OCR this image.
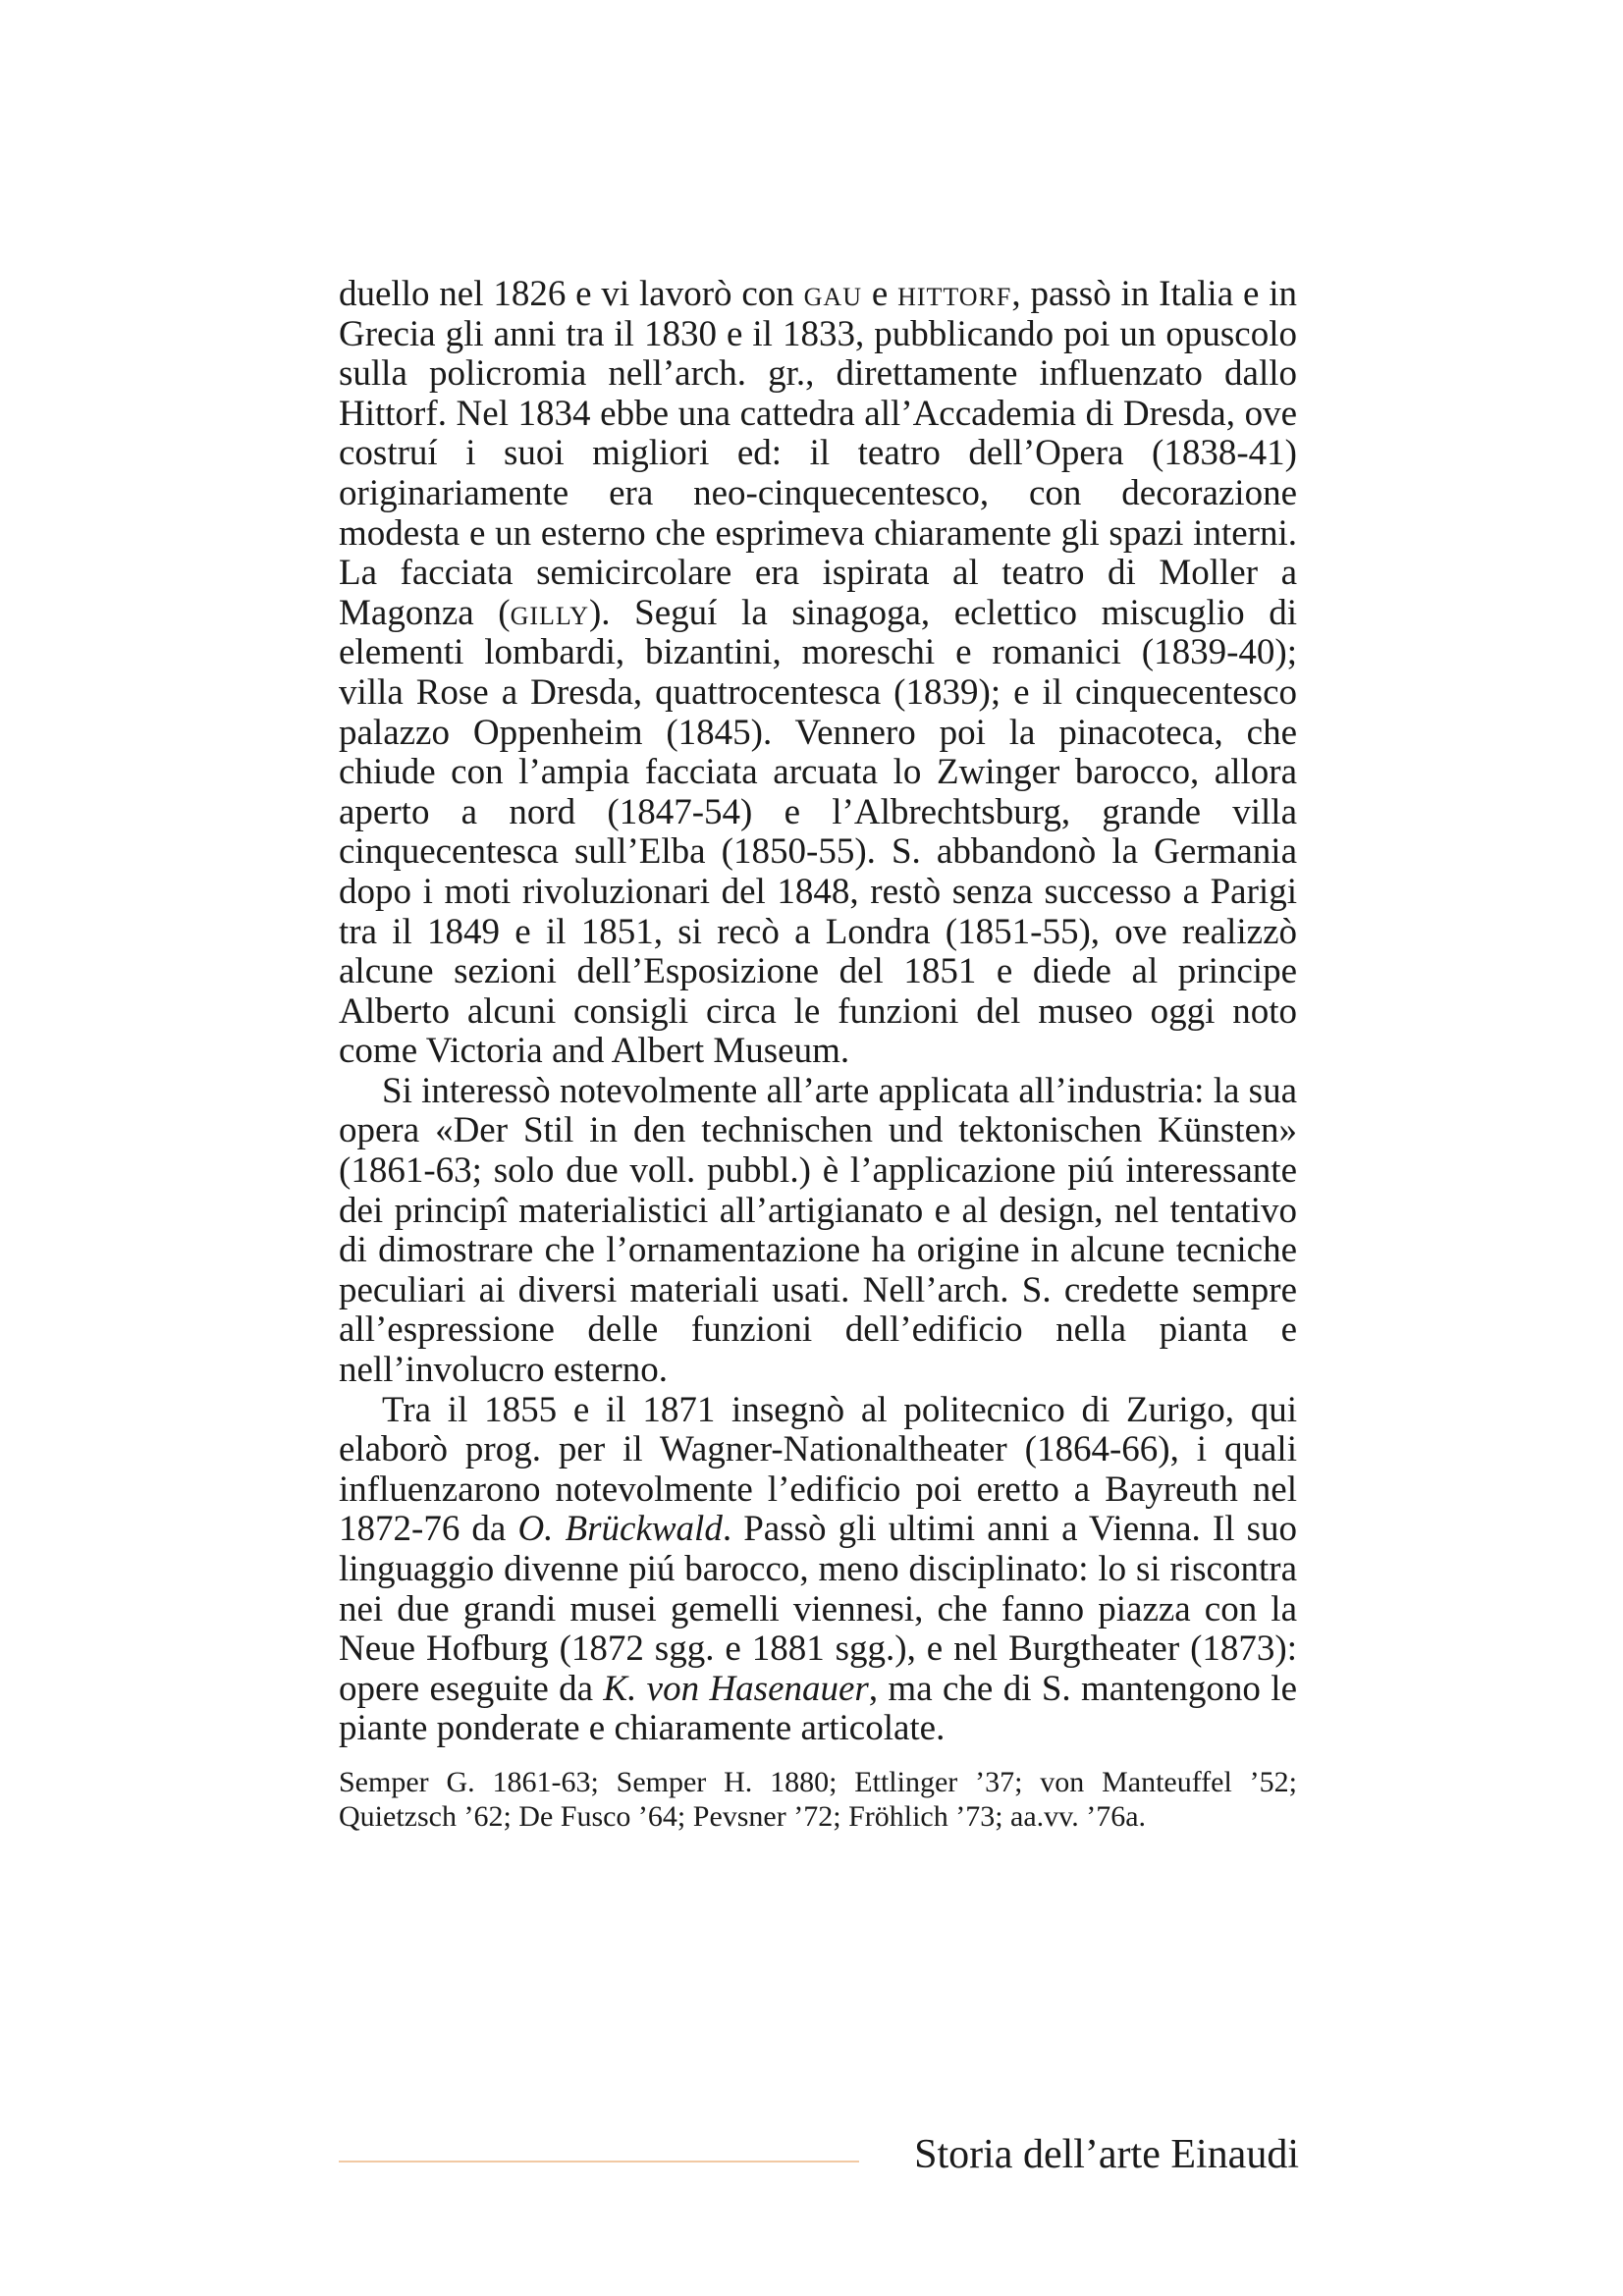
duello nel 1826 e vi lavorò con gau e hittorf, passò in Italia e in Grecia gli anni tra il 1830 e il 1833, pubblicando poi un opuscolo sulla policromia nell’arch. gr., direttamente influenzato dallo Hittorf. Nel 1834 ebbe una cattedra all’Accademia di Dresda, ove costruí i suoi migliori ed: il teatro dell’Opera (1838-41) originariamente era neo-cinquecentesco, con decorazione modesta e un esterno che esprimeva chiaramente gli spazi interni. La facciata semicircolare era ispirata al teatro di Moller a Magonza (gilly). Seguí la sinagoga, eclettico miscuglio di elementi lombardi, bizantini, moreschi e romanici (1839-40); villa Rose a Dresda, quattrocentesca (1839); e il cinquecentesco palazzo Oppenheim (1845). Vennero poi la pinacoteca, che chiude con l’ampia facciata arcuata lo Zwinger barocco, allora aperto a nord (1847-54) e l’Albrechtsburg, grande villa cinquecentesca sull’Elba (1850-55). S. abbandonò la Germania dopo i moti rivoluzionari del 1848, restò senza successo a Parigi tra il 1849 e il 1851, si recò a Londra (1851-55), ove realizzò alcune sezioni dell’Esposizione del 1851 e diede al principe Alberto alcuni consigli circa le funzioni del museo oggi noto come Victoria and Albert Museum.

Si interessò notevolmente all’arte applicata all’industria: la sua opera «Der Stil in den technischen und tektonischen Künsten» (1861-63; solo due voll. pubbl.) è l’applicazione piú interessante dei principî materialistici all’artigianato e al design, nel tentativo di dimostrare che l’ornamentazione ha origine in alcune tecniche peculiari ai diversi materiali usati. Nell’arch. S. credette sempre all’espressione delle funzioni dell’edificio nella pianta e nell’involucro esterno.

Tra il 1855 e il 1871 insegnò al politecnico di Zurigo, qui elaborò prog. per il Wagner-Nationaltheater (1864-66), i quali influenzarono notevolmente l’edificio poi eretto a Bayreuth nel 1872-76 da O. Brückwald. Passò gli ultimi anni a Vienna. Il suo linguaggio divenne piú barocco, meno disciplinato: lo si riscontra nei due grandi musei gemelli viennesi, che fanno piazza con la Neue Hofburg (1872 sgg. e 1881 sgg.), e nel Burgtheater (1873): opere eseguite da K. von Hasenauer, ma che di S. mantengono le piante ponderate e chiaramente articolate.

Semper G. 1861-63; Semper H. 1880; Ettlinger ’37; von Manteuffel ’52; Quietzsch ’62; De Fusco ’64; Pevsner ’72; Fröhlich ’73; aa.vv. ’76a.

Storia dell’arte Einaudi
